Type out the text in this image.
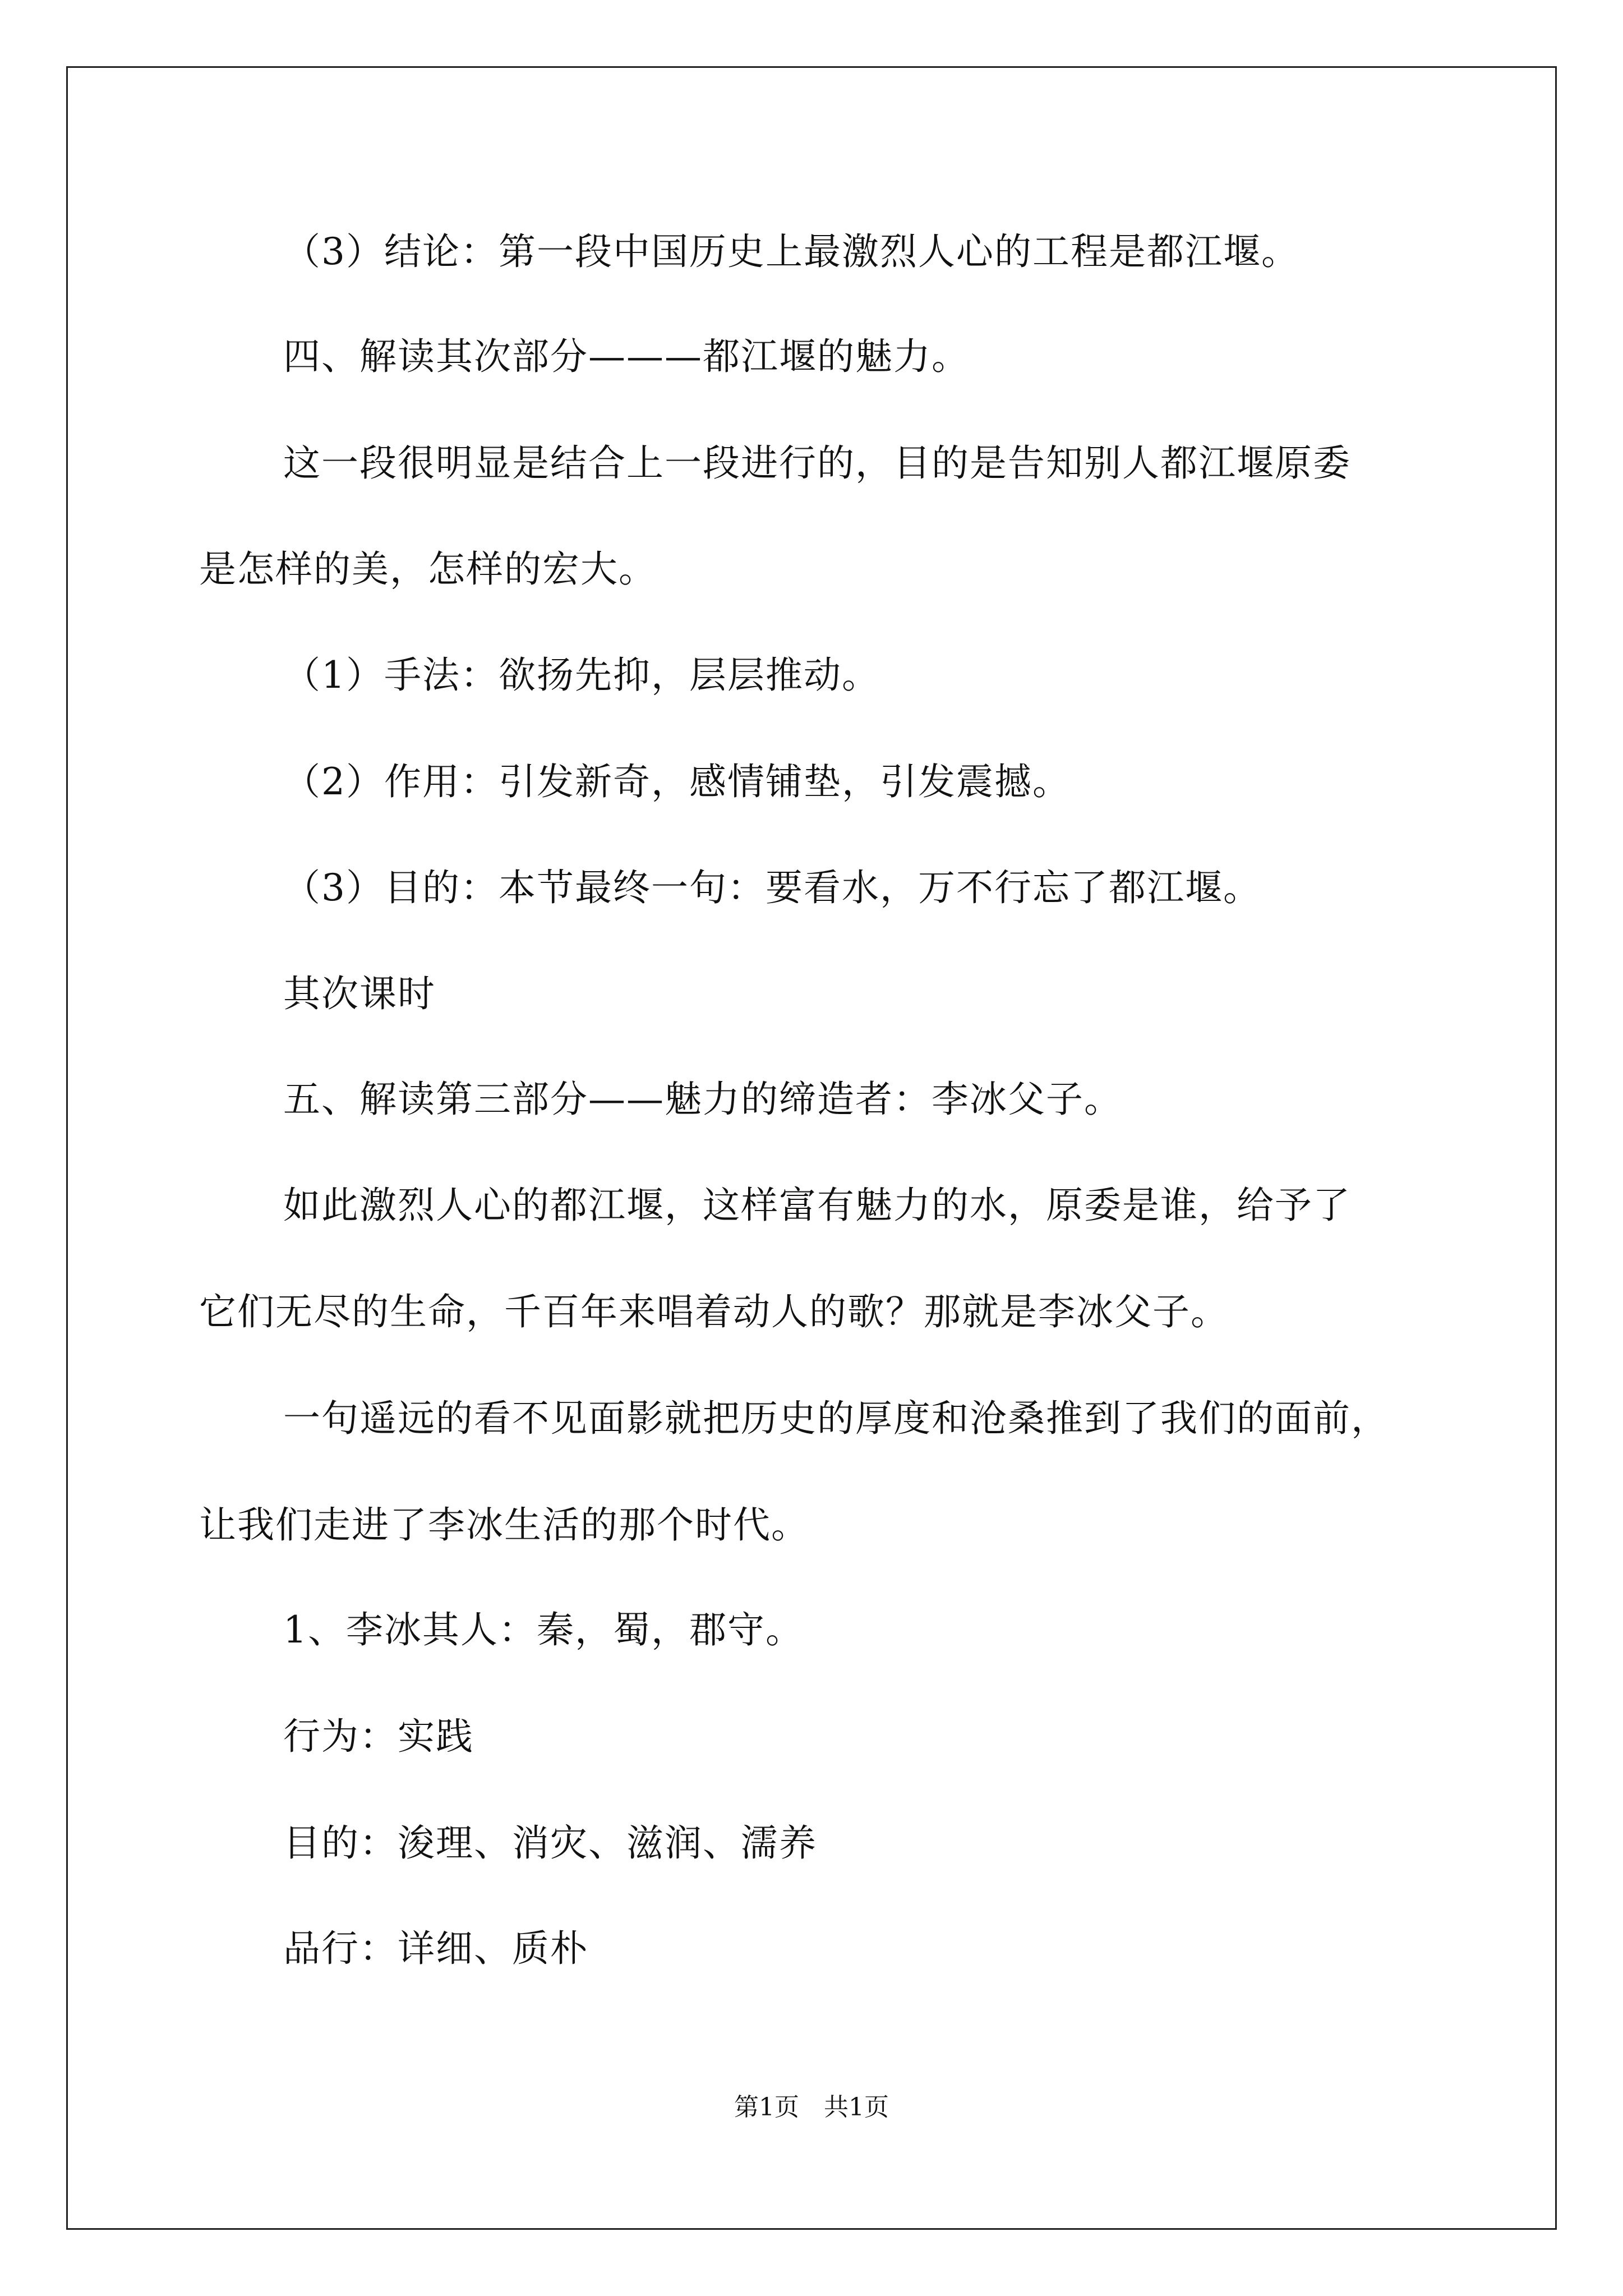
（3）结论：第一段中国历史上最激烈人心的工程是都江堰。
四、解读其次部分———都江堰的魅力。
这一段很明显是结合上一段进行的，目的是告知别人都江堰原委
是怎样的美，怎样的宏大。
（1）手法：欲扬先抑，层层推动。
（2）作用：引发新奇，感情铺垫，引发震撼。
（3）目的：本节最终一句：要看水，万不行忘了都江堰。
其次课时
五、解读第三部分——魅力的缔造者：李冰父子。
如此激烈人心的都江堰，这样富有魅力的水，原委是谁，给予了
它们无尽的生命，千百年来唱着动人的歌？那就是李冰父子。
一句遥远的看不见面影就把历史的厚度和沧桑推到了我们的面前，
让我们走进了李冰生活的那个时代。
1、李冰其人：秦，蜀，郡守。
行为：实践
目的：浚理、消灾、滋润、濡养
品行：详细、质朴
第1页　共1页
